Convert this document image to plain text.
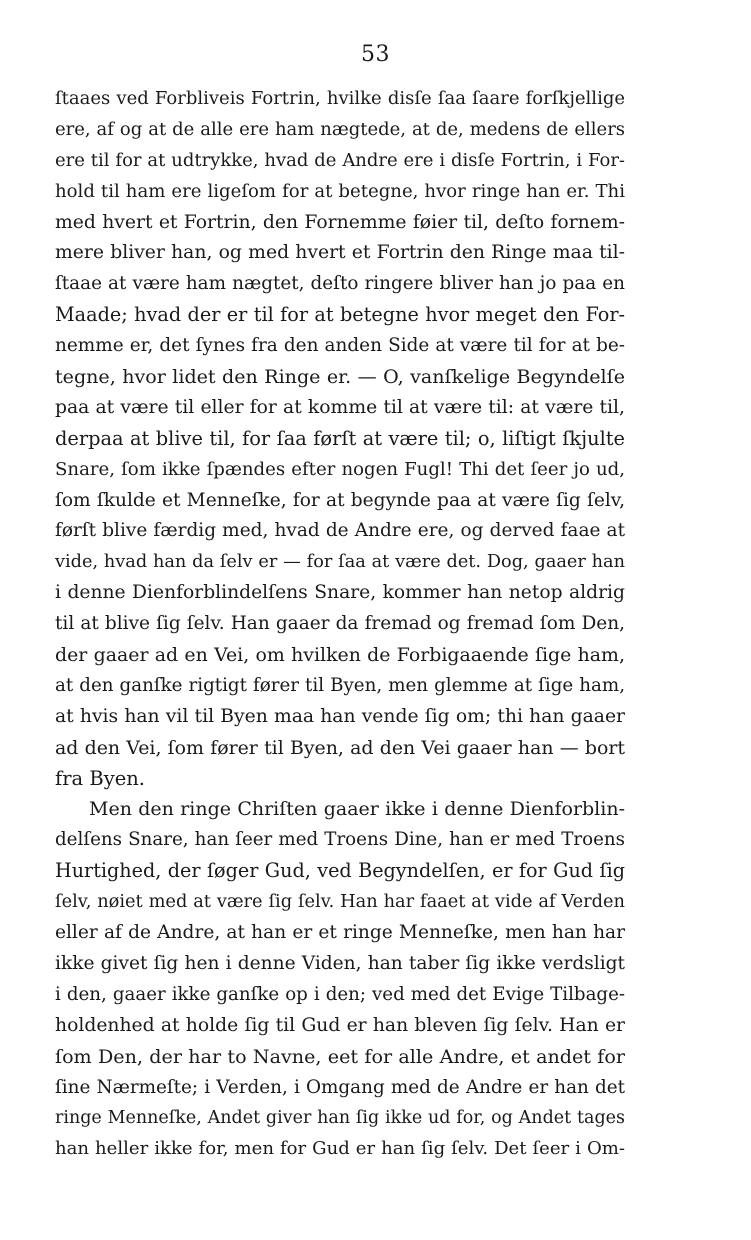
53
ſtaaes ved Forbliveis Fortrin, hvilke disſe ſaa ſaare forſkjellige
ere, af og at de alle ere ham nægtede, at de, medens de ellers
ere til for at udtrykke, hvad de Andre ere i disſe Fortrin, i For-
hold til ham ere ligeſom for at betegne, hvor ringe han er. Thi
med hvert et Fortrin, den Fornemme føier til, deſto fornem-
mere bliver han, og med hvert et Fortrin den Ringe maa til-
ſtaae at være ham nægtet, deſto ringere bliver han jo paa en
Maade; hvad der er til for at betegne hvor meget den For-
nemme er, det ſynes fra den anden Side at være til for at be-
tegne, hvor lidet den Ringe er. — O, vanſkelige Begyndelſe
paa at være til eller for at komme til at være til: at være til,
derpaa at blive til, for ſaa førſt at være til; o, liſtigt ſkjulte
Snare, ſom ikke ſpændes efter nogen Fugl! Thi det ſeer jo ud,
ſom ſkulde et Menneſke, for at begynde paa at være ſig ſelv,
førſt blive færdig med, hvad de Andre ere, og derved faae at
vide, hvad han da ſelv er — for ſaa at være det. Dog, gaaer han
i denne Dienforblindelſens Snare, kommer han netop aldrig
til at blive ſig ſelv. Han gaaer da fremad og fremad ſom Den,
der gaaer ad en Vei, om hvilken de Forbigaaende ſige ham,
at den ganſke rigtigt fører til Byen, men glemme at ſige ham,
at hvis han vil til Byen maa han vende ſig om; thi han gaaer
ad den Vei, ſom fører til Byen, ad den Vei gaaer han — bort
fra Byen.
Men den ringe Chriſten gaaer ikke i denne Dienforblin-
delſens Snare, han ſeer med Troens Dine, han er med Troens
Hurtighed, der ſøger Gud, ved Begyndelſen, er for Gud ſig
ſelv, nøiet med at være ſig ſelv. Han har faaet at vide af Verden
eller af de Andre, at han er et ringe Menneſke, men han har
ikke givet ſig hen i denne Viden, han taber ſig ikke verdsligt
i den, gaaer ikke ganſke op i den; ved med det Evige Tilbage-
holdenhed at holde ſig til Gud er han bleven ſig ſelv. Han er
ſom Den, der har to Navne, eet for alle Andre, et andet for
ſine Nærmeſte; i Verden, i Omgang med de Andre er han det
ringe Menneſke, Andet giver han ſig ikke ud for, og Andet tages
han heller ikke for, men for Gud er han ſig ſelv. Det ſeer i Om-
